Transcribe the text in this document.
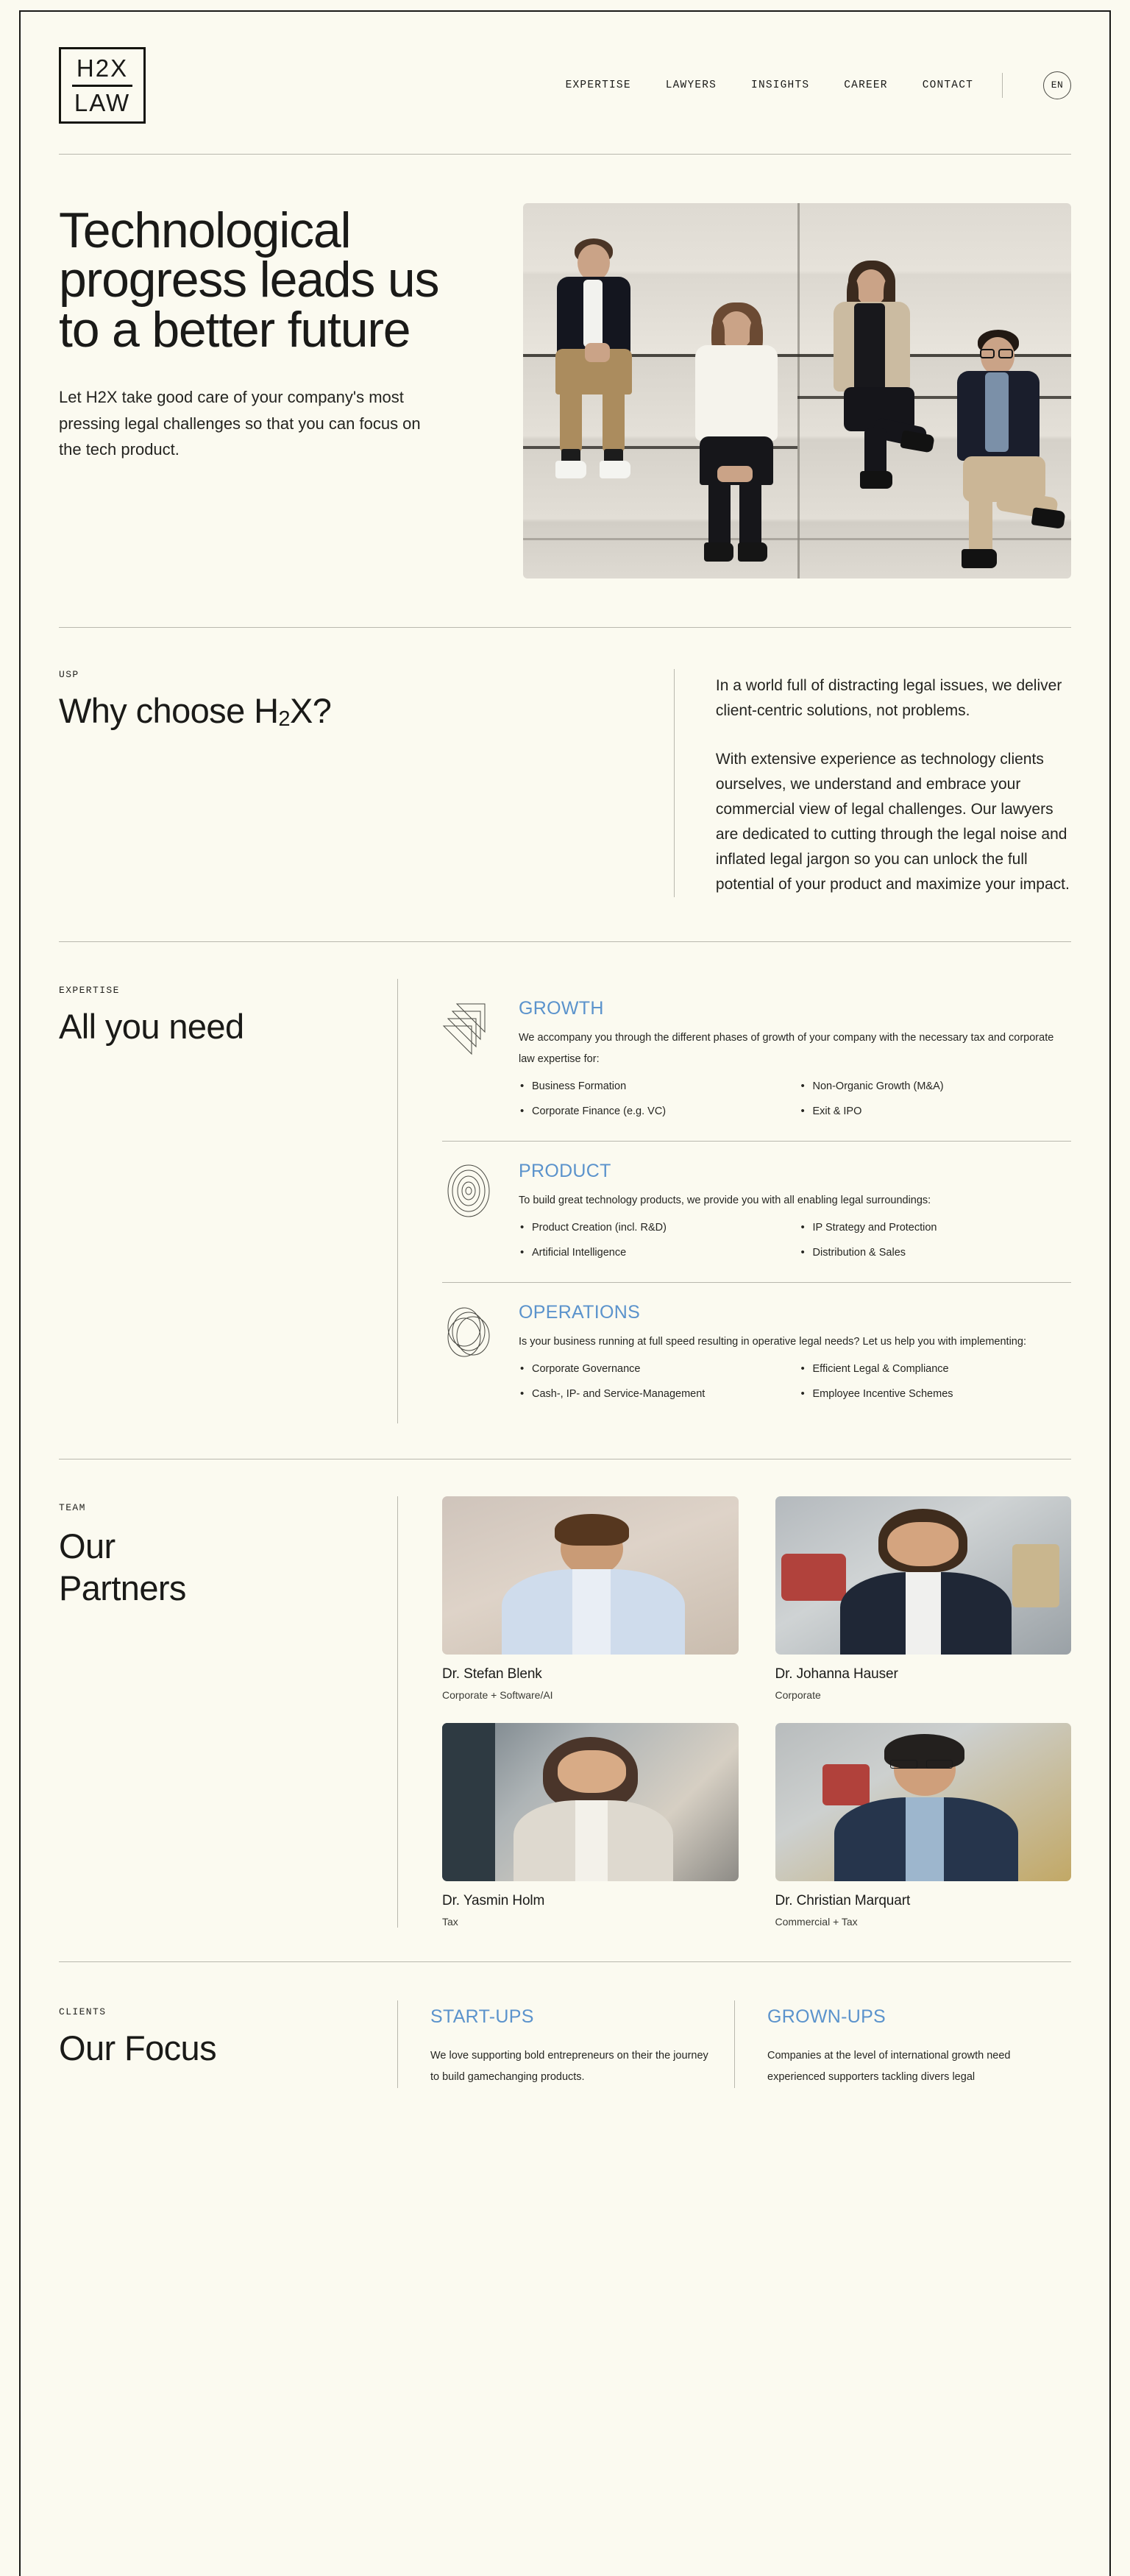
H2X
LAW
EXPERTISE	LAWYERS	INSIGHTS	CAREER	CONTACT	EN
Technological progress leads us to a better future

Let H2X take good care of your company's most pressing legal challenges so that you can focus on the tech product.

USP
Why choose $H_2X$?

In a world full of distracting legal issues, we deliver client-centric solutions, not problems.

With extensive experience as technology clients ourselves, we understand and embrace your commercial view of legal challenges. Our lawyers are dedicated to cutting through the legal noise and inflated legal jargon so you can unlock the full potential of your product and maximize your impact.

EXPERTISE
All you need	GROWTH
We accompany you through the different phases of growth of your company with the necessary tax and corporate law expertise for:
• Business Formation	• Non-Organic Growth (M&A)
• Corporate Finance (e.g. VC)	• Exit & IPO
PRODUCT
To build great technology products, we provide you with all enabling legal surroundings:
• Product Creation (incl. R&D)	• IP Strategy and Protection
• Artificial Intelligence	• Distribution & Sales
OPERATIONS
Is your business running at full speed resulting in operative legal needs? Let us help you with implementing:
• Corporate Governance	• Efficient Legal & Compliance
• Cash-, IP- and Service-Management	• Employee Incentive Schemes
TEAM
Our
Partners
Dr. Stefan Blenk
Corporate + Software/AI
Dr. Johanna Hauser
Corporate
Dr. Yasmin Holm
Tax
Dr. Christian Marquart
Commercial + Tax
CLIENTS
Our Focus
START-UPS
We love supporting bold entrepreneurs on their the journey to build gamechanging products.
GROWN-UPS
Companies at the level of international growth need experienced supporters tackling divers legal
